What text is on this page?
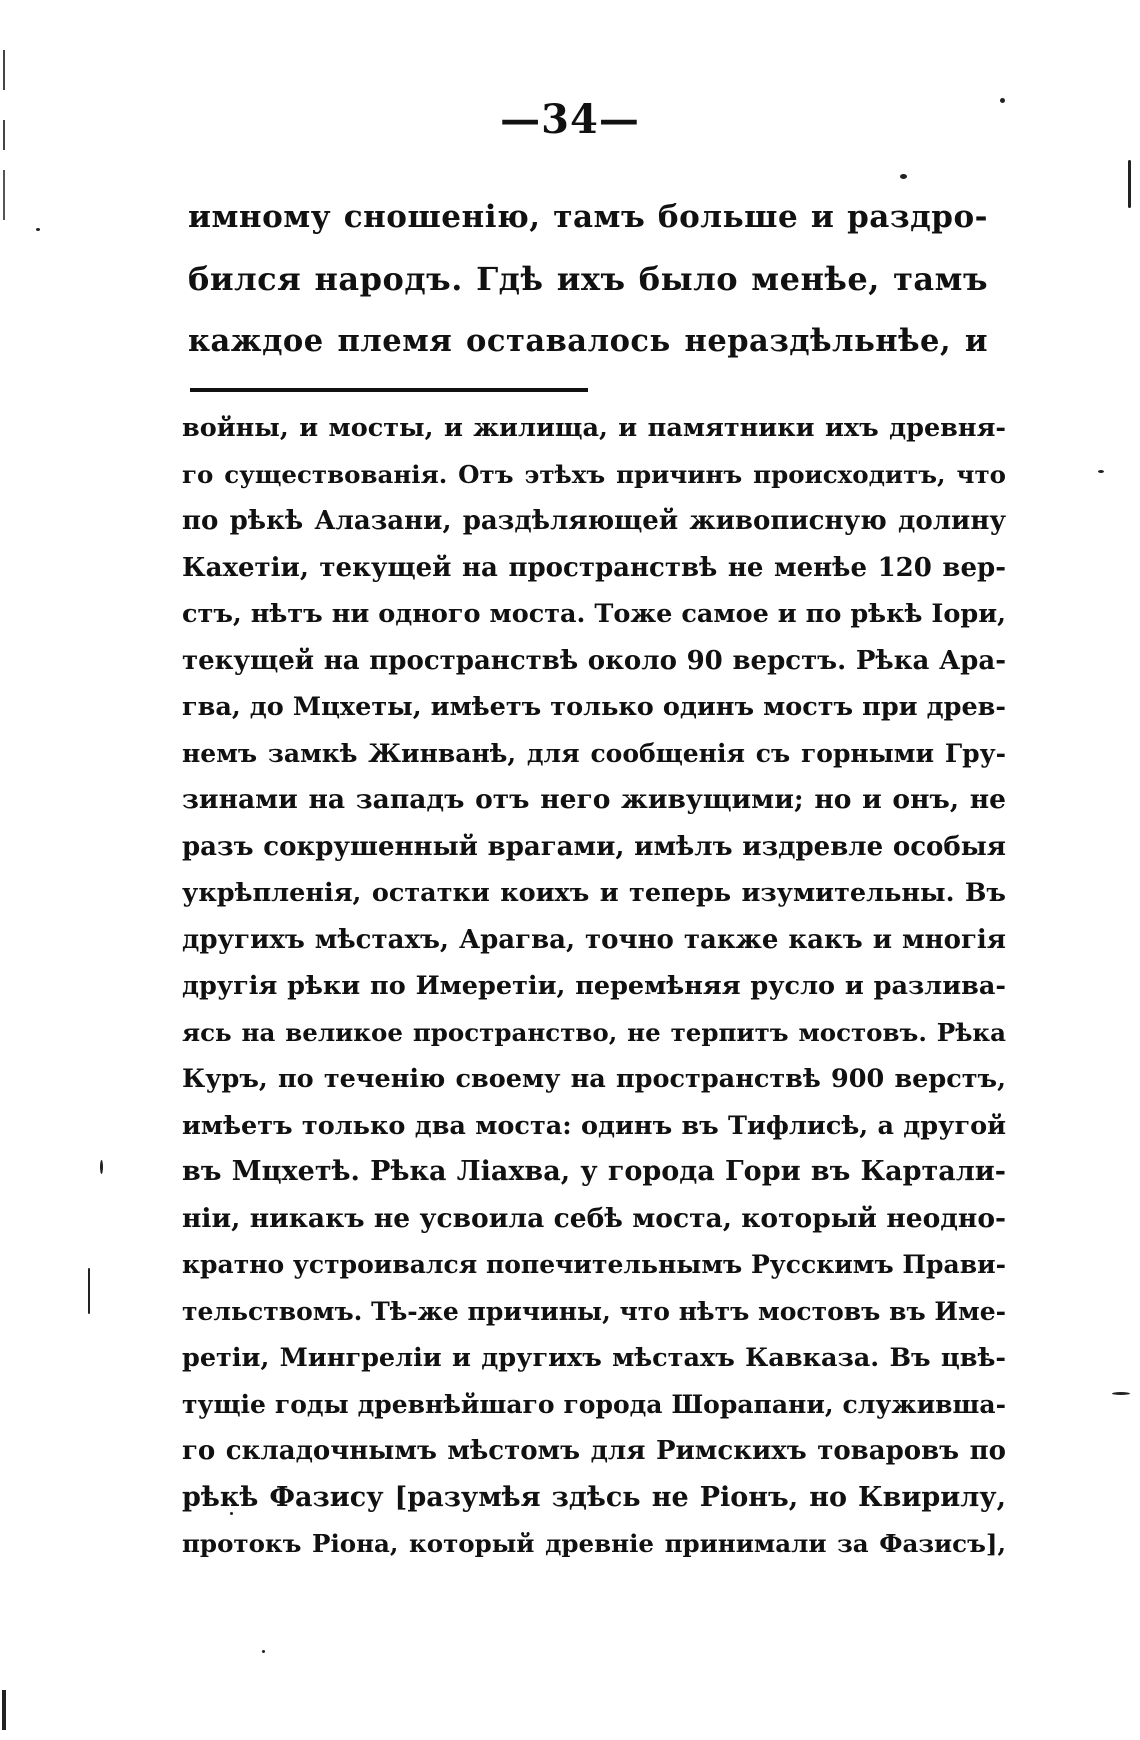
—34—
имному сношенію, тамъ больше и раздро-
бился народъ. Гдѣ ихъ было менѣе, тамъ
каждое племя оставалось нераздѣльнѣе, и
войны, и мосты, и жилища, и памятники ихъ древня-
го существованія. Отъ этѣхъ причинъ происходитъ, что
по рѣкѣ Алазани, раздѣляющей живописную долину
Кахетіи, текущей на пространствѣ не менѣе 120 вер-
стъ, нѣтъ ни одного моста. Тоже самое и по рѣкѣ Іори,
текущей на пространствѣ около 90 верстъ. Рѣка Ара-
гва, до Мцхеты, имѣетъ только одинъ мостъ при древ-
немъ замкѣ Жинванѣ, для сообщенія съ горными Гру-
зинами на западъ отъ него живущими; но и онъ, не
разъ сокрушенный врагами, имѣлъ издревле особыя
укрѣпленія, остатки коихъ и теперь изумительны. Въ
другихъ мѣстахъ, Арагва, точно также какъ и многія
другія рѣки по Имеретіи, перемѣняя русло и разлива-
ясь на великое пространство, не терпитъ мостовъ. Рѣка
Куръ, по теченію своему на пространствѣ 900 верстъ,
имѣетъ только два моста: одинъ въ Тифлисѣ, а другой
въ Мцхетѣ. Рѣка Ліахва, у города Гори въ Картали-
ніи, никакъ не усвоила себѣ моста, который неодно-
кратно устроивался попечительнымъ Русскимъ Прави-
тельствомъ. Тѣ-же причины, что нѣтъ мостовъ въ Име-
ретіи, Мингреліи и другихъ мѣстахъ Кавказа. Въ цвѣ-
тущіе годы древнѣйшаго города Шорапани, служивша-
го складочнымъ мѣстомъ для Римскихъ товаровъ по
рѣкѣ Фазису [разумѣя здѣсь не Ріонъ, но Квирилу,
протокъ Ріона, который древніе принимали за Фазисъ],
